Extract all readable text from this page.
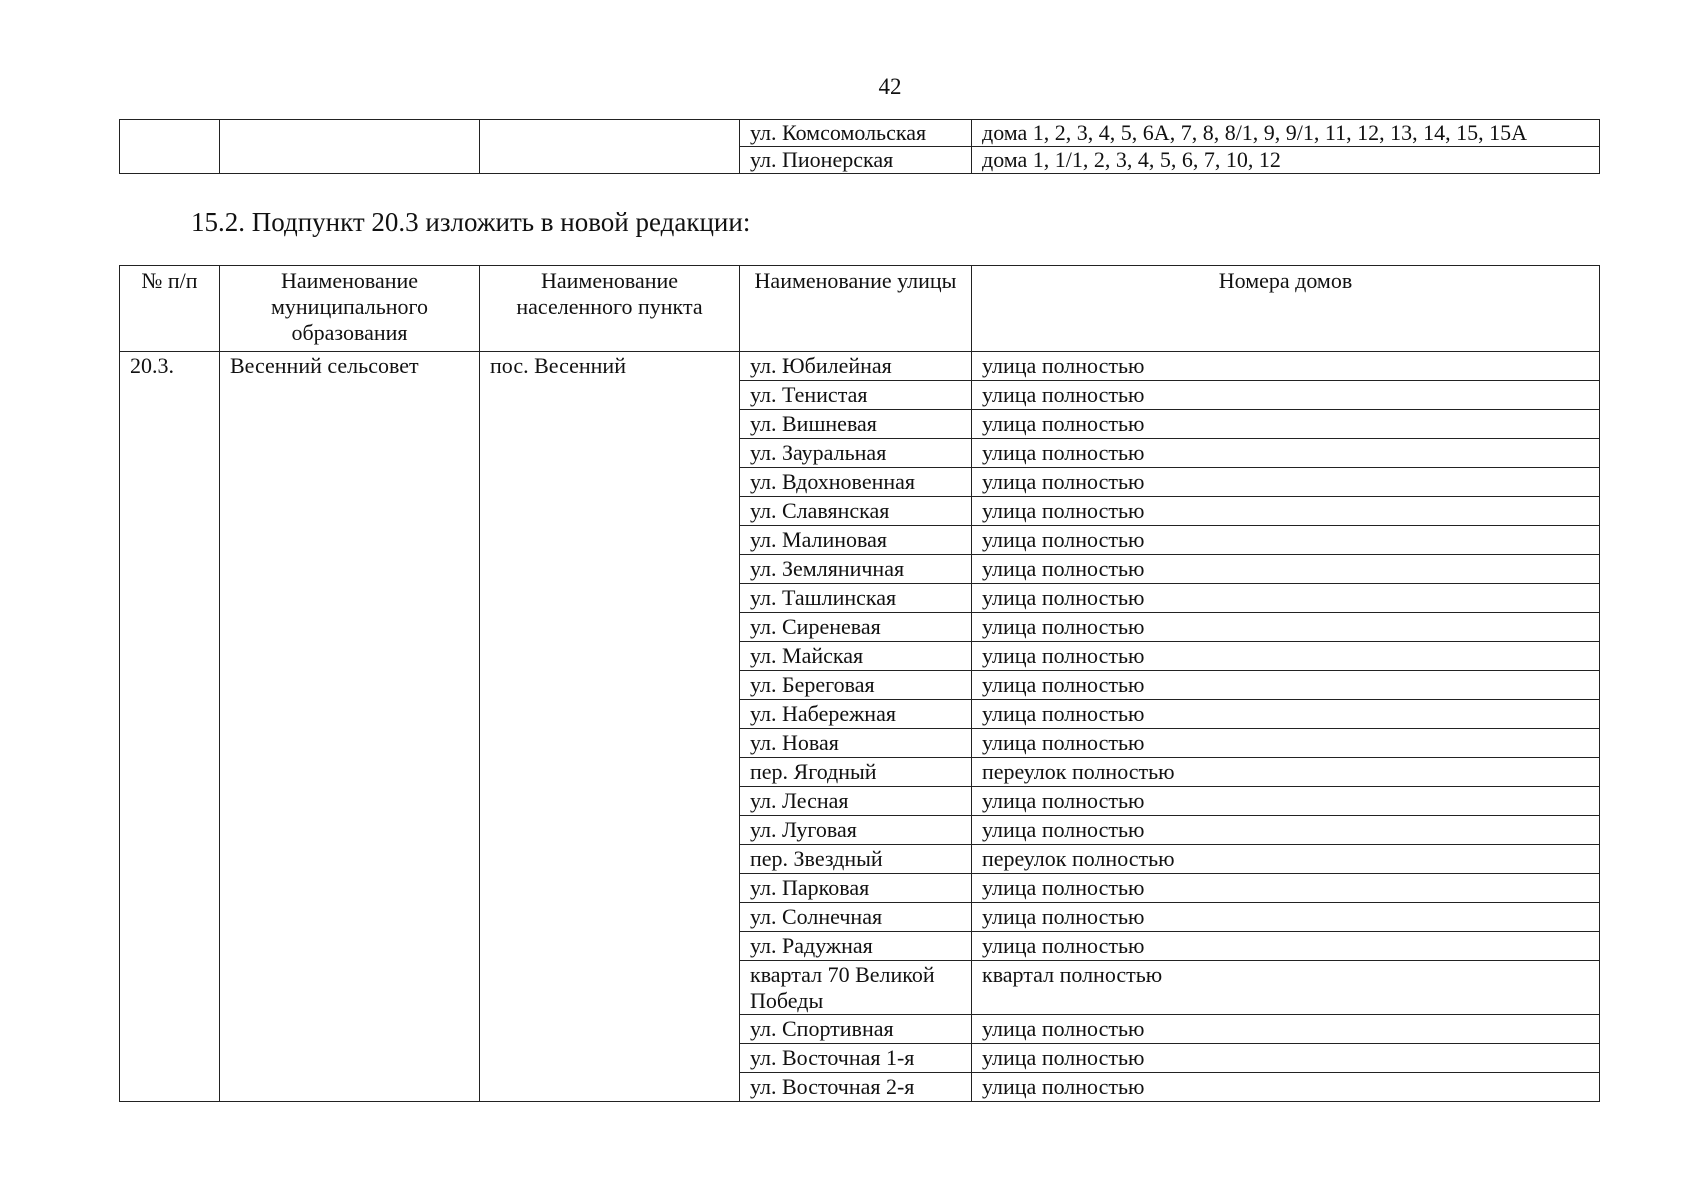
42
			ул. Комсомольская	дома 1, 2, 3, 4, 5, 6А, 7, 8, 8/1, 9, 9/1, 11, 12, 13, 14, 15, 15А
			ул. Пионерская	дома 1, 1/1, 2, 3, 4, 5, 6, 7, 10, 12
15.2. Подпункт 20.3 изложить в новой редакции:
№ п/п	Наименование муниципального образования	Наименование населенного пункта	Наименование улицы	Номера домов
20.3.	Весенний сельсовет	пос. Весенний	ул. Юбилейная	улица полностью
			ул. Тенистая	улица полностью
			ул. Вишневая	улица полностью
			ул. Зауральная	улица полностью
			ул. Вдохновенная	улица полностью
			ул. Славянская	улица полностью
			ул. Малиновая	улица полностью
			ул. Земляничная	улица полностью
			ул. Ташлинская	улица полностью
			ул. Сиреневая	улица полностью
			ул. Майская	улица полностью
			ул. Береговая	улица полностью
			ул. Набережная	улица полностью
			ул. Новая	улица полностью
			пер. Ягодный	переулок полностью
			ул. Лесная	улица полностью
			ул. Луговая	улица полностью
			пер. Звездный	переулок полностью
			ул. Парковая	улица полностью
			ул. Солнечная	улица полностью
			ул. Радужная	улица полностью
			квартал 70 Великой Победы	квартал полностью
			ул. Спортивная	улица полностью
			ул. Восточная 1-я	улица полностью
			ул. Восточная 2-я	улица полностью
